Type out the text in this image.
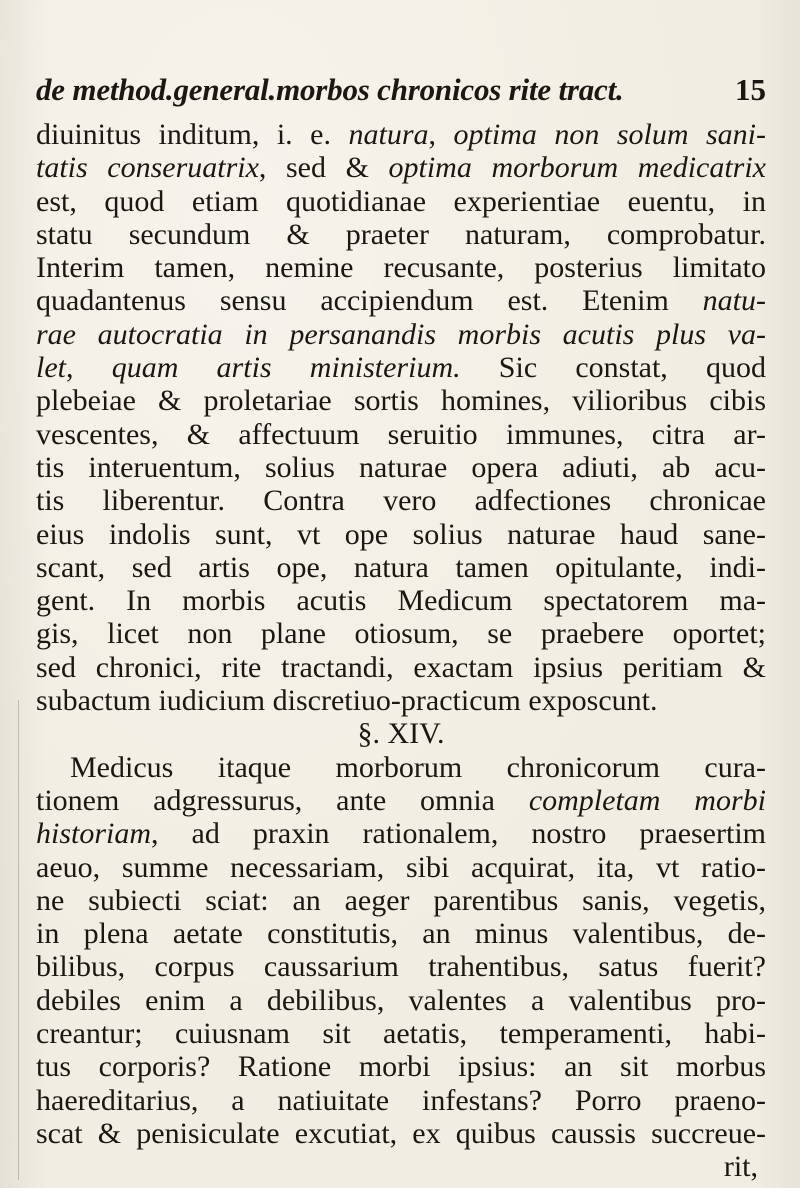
de method.general.morbos chronicos rite tract.	15
diuinitus inditum, i. e. natura, optima non solum sani-
tatis conseruatrix, sed & optima morborum medicatrix
est, quod etiam quotidianae experientiae euentu, in
statu secundum & praeter naturam, comprobatur.
Interim tamen, nemine recusante, posterius limitato
quadantenus sensu accipiendum est. Etenim natu-
rae autocratia in persanandis morbis acutis plus va-
let, quam artis ministerium. Sic constat, quod
plebeiae & proletariae sortis homines, vilioribus cibis
vescentes, & affectuum seruitio immunes, citra ar-
tis interuentum, solius naturae opera adiuti, ab acu-
tis liberentur. Contra vero adfectiones chronicae
eius indolis sunt, vt ope solius naturae haud sane-
scant, sed artis ope, natura tamen opitulante, indi-
gent. In morbis acutis Medicum spectatorem ma-
gis, licet non plane otiosum, se praebere oportet;
sed chronici, rite tractandi, exactam ipsius peritiam &
subactum iudicium discretiuo-practicum exposcunt.
§. XIV.
Medicus itaque morborum chronicorum cura-
tionem adgressurus, ante omnia completam morbi
historiam, ad praxin rationalem, nostro praesertim
aeuo, summe necessariam, sibi acquirat, ita, vt ratio-
ne subiecti sciat: an aeger parentibus sanis, vegetis,
in plena aetate constitutis, an minus valentibus, de-
bilibus, corpus caussarium trahentibus, satus fuerit?
debiles enim a debilibus, valentes a valentibus pro-
creantur; cuiusnam sit aetatis, temperamenti, habi-
tus corporis? Ratione morbi ipsius: an sit morbus
haereditarius, a natiuitate infestans? Porro praeno-
scat & penisiculate excutiat, ex quibus caussis succreue-
rit,
